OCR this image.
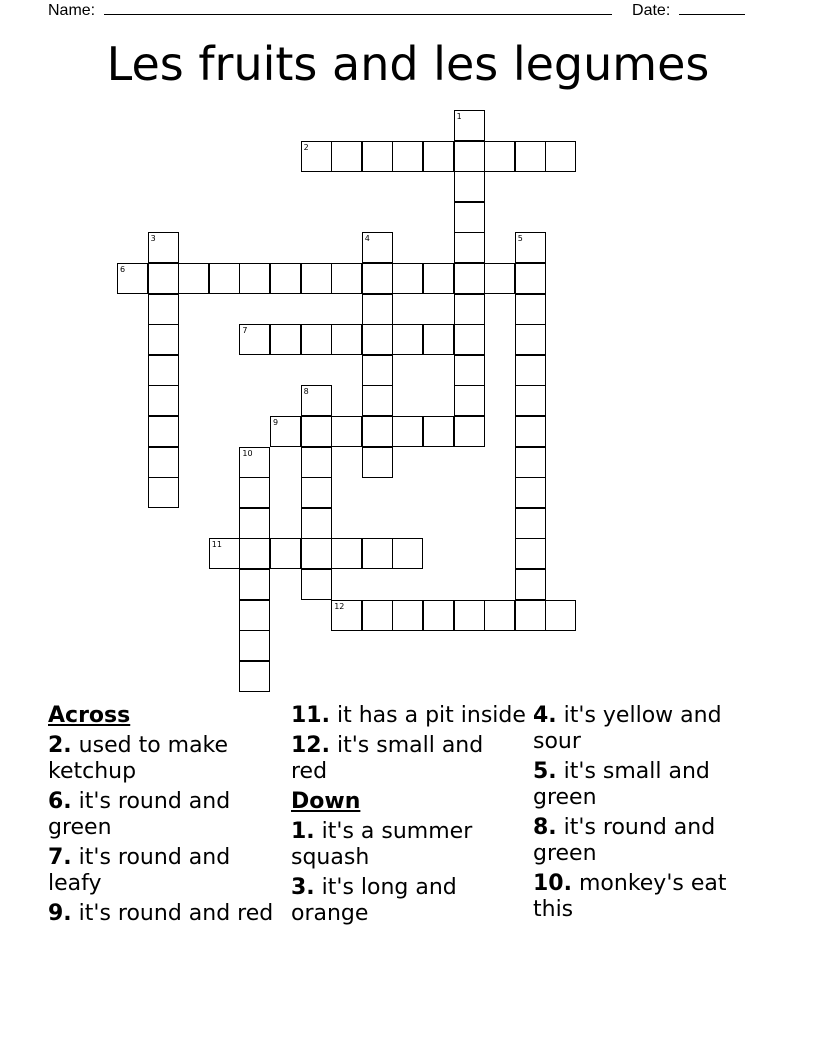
Name:	Date:
Les fruits and les legumes
1
2
3	4	5
6
7
8
9
10
11
12
Across
2. used to make ketchup
6. it's round and green
7. it's round and leafy
9. it's round and red
11. it has a pit inside
12. it's small and red
Down
1. it's a summer squash
3. it's long and orange
4. it's yellow and sour
5. it's small and green
8. it's round and green
10. monkey's eat this
